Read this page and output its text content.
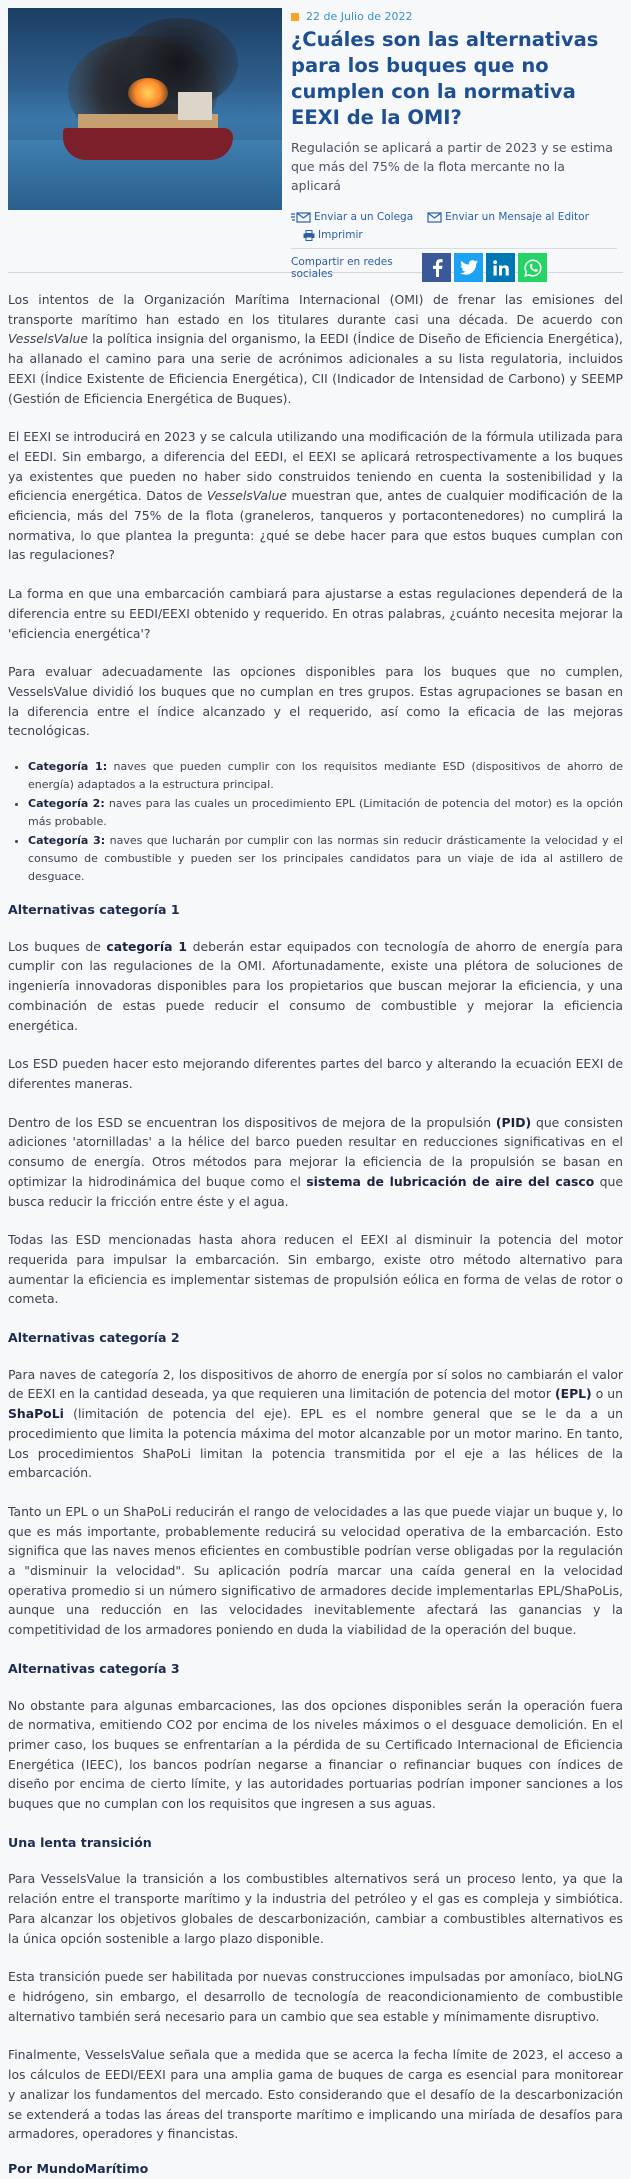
22 de Julio de 2022
¿Cuáles son las alternativas para los buques que no cumplen con la normativa EEXI de la OMI?
Regulación se aplicará a partir de 2023 y se estima que más del 75% de la flota mercante no la aplicará
Enviar a un Colega	Enviar un Mensaje al Editor
Imprimir
Compartir en redes sociales

Los intentos de la Organización Marítima Internacional (OMI) de frenar las emisiones del transporte marítimo han estado en los titulares durante casi una década. De acuerdo con VesselsValue la política insignia del organismo, la EEDI (Índice de Diseño de Eficiencia Energética), ha allanado el camino para una serie de acrónimos adicionales a su lista regulatoria, incluidos EEXI (Índice Existente de Eficiencia Energética), CII (Indicador de Intensidad de Carbono) y SEEMP (Gestión de Eficiencia Energética de Buques).

El EEXI se introducirá en 2023 y se calcula utilizando una modificación de la fórmula utilizada para el EEDI. Sin embargo, a diferencia del EEDI, el EEXI se aplicará retrospectivamente a los buques ya existentes que pueden no haber sido construidos teniendo en cuenta la sostenibilidad y la eficiencia energética. Datos de VesselsValue muestran que, antes de cualquier modificación de la eficiencia, más del 75% de la flota (graneleros, tanqueros y portacontenedores) no cumplirá la normativa, lo que plantea la pregunta: ¿qué se debe hacer para que estos buques cumplan con las regulaciones?

La forma en que una embarcación cambiará para ajustarse a estas regulaciones dependerá de la diferencia entre su EEDI/EEXI obtenido y requerido. En otras palabras, ¿cuánto necesita mejorar la 'eficiencia energética'?

Para evaluar adecuadamente las opciones disponibles para los buques que no cumplen, VesselsValue dividió los buques que no cumplan en tres grupos. Estas agrupaciones se basan en la diferencia entre el índice alcanzado y el requerido, así como la eficacia de las mejoras tecnológicas.

• Categoría 1: naves que pueden cumplir con los requisitos mediante ESD (dispositivos de ahorro de energía) adaptados a la estructura principal.
• Categoría 2: naves para las cuales un procedimiento EPL (Limitación de potencia del motor) es la opción más probable.
• Categoría 3: naves que lucharán por cumplir con las normas sin reducir drásticamente la velocidad y el consumo de combustible y pueden ser los principales candidatos para un viaje de ida al astillero de desguace.
Alternativas categoría 1

Los buques de categoría 1 deberán estar equipados con tecnología de ahorro de energía para cumplir con las regulaciones de la OMI. Afortunadamente, existe una plétora de soluciones de ingeniería innovadoras disponibles para los propietarios que buscan mejorar la eficiencia, y una combinación de estas puede reducir el consumo de combustible y mejorar la eficiencia energética.

Los ESD pueden hacer esto mejorando diferentes partes del barco y alterando la ecuación EEXI de diferentes maneras.

Dentro de los ESD se encuentran los dispositivos de mejora de la propulsión (PID) que consisten adiciones 'atornilladas' a la hélice del barco pueden resultar en reducciones significativas en el consumo de energía. Otros métodos para mejorar la eficiencia de la propulsión se basan en optimizar la hidrodinámica del buque como el sistema de lubricación de aire del casco que busca reducir la fricción entre éste y el agua.

Todas las ESD mencionadas hasta ahora reducen el EEXI al disminuir la potencia del motor requerida para impulsar la embarcación. Sin embargo, existe otro método alternativo para aumentar la eficiencia es implementar sistemas de propulsión eólica en forma de velas de rotor o cometa.

Alternativas categoría 2

Para naves de categoría 2, los dispositivos de ahorro de energía por sí solos no cambiarán el valor de EEXI en la cantidad deseada, ya que requieren una limitación de potencia del motor (EPL) o un ShaPoLi (limitación de potencia del eje). EPL es el nombre general que se le da a un procedimiento que limita la potencia máxima del motor alcanzable por un motor marino. En tanto, Los procedimientos ShaPoLi limitan la potencia transmitida por el eje a las hélices de la embarcación.

Tanto un EPL o un ShaPoLi reducirán el rango de velocidades a las que puede viajar un buque y, lo que es más importante, probablemente reducirá su velocidad operativa de la embarcación. Esto significa que las naves menos eficientes en combustible podrían verse obligadas por la regulación a "disminuir la velocidad". Su aplicación podría marcar una caída general en la velocidad operativa promedio si un número significativo de armadores decide implementarlas EPL/ShaPoLis, aunque una reducción en las velocidades inevitablemente afectará las ganancias y la competitividad de los armadores poniendo en duda la viabilidad de la operación del buque.

Alternativas categoría 3

No obstante para algunas embarcaciones, las dos opciones disponibles serán la operación fuera de normativa, emitiendo CO2 por encima de los niveles máximos o el desguace demolición. En el primer caso, los buques se enfrentarían a la pérdida de su Certificado Internacional de Eficiencia Energética (IEEC), los bancos podrían negarse a financiar o refinanciar buques con índices de diseño por encima de cierto límite, y las autoridades portuarias podrían imponer sanciones a los buques que no cumplan con los requisitos que ingresen a sus aguas.

Una lenta transición

Para VesselsValue la transición a los combustibles alternativos será un proceso lento, ya que la relación entre el transporte marítimo y la industria del petróleo y el gas es compleja y simbiótica. Para alcanzar los objetivos globales de descarbonización, cambiar a combustibles alternativos es la única opción sostenible a largo plazo disponible.

Esta transición puede ser habilitada por nuevas construcciones impulsadas por amoníaco, bioLNG e hidrógeno, sin embargo, el desarrollo de tecnología de reacondicionamiento de combustible alternativo también será necesario para un cambio que sea estable y mínimamente disruptivo.

Finalmente, VesselsValue señala que a medida que se acerca la fecha límite de 2023, el acceso a los cálculos de EEDI/EEXI para una amplia gama de buques de carga es esencial para monitorear y analizar los fundamentos del mercado. Esto considerando que el desafío de la descarbonización se extenderá a todas las áreas del transporte marítimo e implicando una miríada de desafíos para armadores, operadores y financistas.

Por MundoMarítimo
